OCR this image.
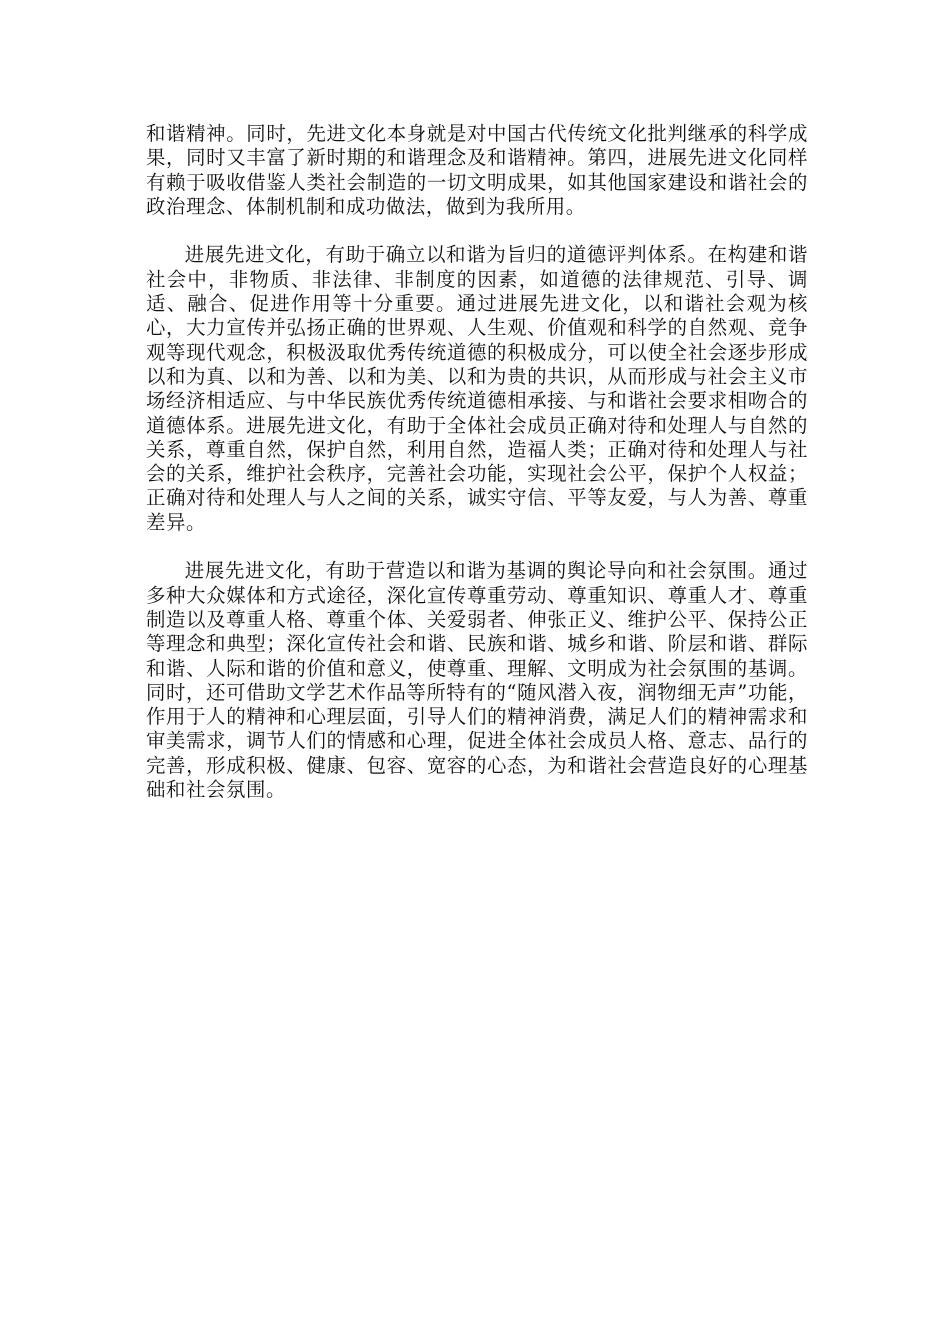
和谐精神。同时，先进文化本身就是对中国古代传统文化批判继承的科学成果，同时又丰富了新时期的和谐理念及和谐精神。第四，进展先进文化同样有赖于吸收借鉴人类社会制造的一切文明成果，如其他国家建设和谐社会的政治理念、体制机制和成功做法，做到为我所用。

进展先进文化，有助于确立以和谐为旨归的道德评判体系。在构建和谐社会中，非物质、非法律、非制度的因素，如道德的法律规范、引导、调适、融合、促进作用等十分重要。通过进展先进文化，以和谐社会观为核心，大力宣传并弘扬正确的世界观、人生观、价值观和科学的自然观、竞争观等现代观念，积极汲取优秀传统道德的积极成分，可以使全社会逐步形成以和为真、以和为善、以和为美、以和为贵的共识，从而形成与社会主义市场经济相适应、与中华民族优秀传统道德相承接、与和谐社会要求相吻合的道德体系。进展先进文化，有助于全体社会成员正确对待和处理人与自然的关系，尊重自然，保护自然，利用自然，造福人类；正确对待和处理人与社会的关系，维护社会秩序，完善社会功能，实现社会公平，保护个人权益；正确对待和处理人与人之间的关系，诚实守信、平等友爱，与人为善、尊重差异。

进展先进文化，有助于营造以和谐为基调的舆论导向和社会氛围。通过多种大众媒体和方式途径，深化宣传尊重劳动、尊重知识、尊重人才、尊重制造以及尊重人格、尊重个体、关爱弱者、伸张正义、维护公平、保持公正等理念和典型；深化宣传社会和谐、民族和谐、城乡和谐、阶层和谐、群际和谐、人际和谐的价值和意义，使尊重、理解、文明成为社会氛围的基调。同时，还可借助文学艺术作品等所特有的“随风潜入夜，润物细无声”功能，作用于人的精神和心理层面，引导人们的精神消费，满足人们的精神需求和审美需求，调节人们的情感和心理，促进全体社会成员人格、意志、品行的完善，形成积极、健康、包容、宽容的心态，为和谐社会营造良好的心理基础和社会氛围。
